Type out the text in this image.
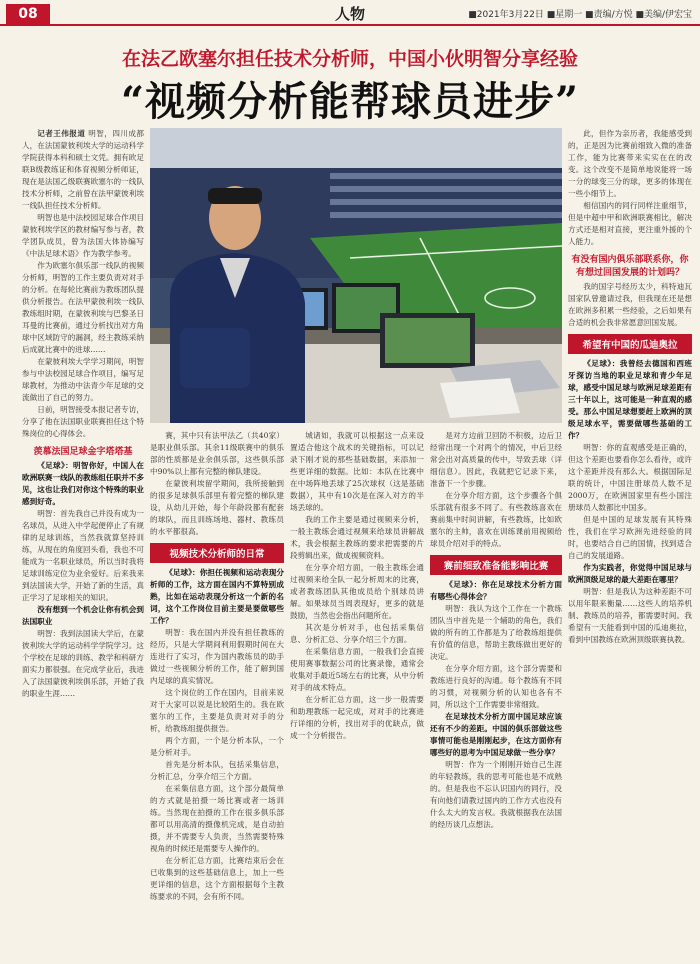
08	人物	■2021年3月22日 ■星期一 ■责编/方悦 ■美编/伊宏宝
在法乙欧塞尔担任技术分析师，中国小伙明智分享经验
“视频分析能帮球员进步”

记者王伟报道 明智，四川成都人，在法国蒙彼利埃大学的运动科学学院获得本科和硕士文凭。拥有欧足联B级教练证和体育视频分析师证，现在是法国乙级联赛欧塞尔的一线队技术分析师，之前曾在法甲蒙彼利埃一线队担任技术分析师。

明智也是中法校园足球合作项目蒙彼利埃学区的教材编写参与者，教学团队成员，曾为法国大体协编写《中法足球术语》作为教学参考。

作为欧塞尔俱乐部一线队的视频分析师，明智的工作主要负责对对手的分析。在每轮比赛前为教练团队提供分析报告。在法甲蒙彼利埃一线队教练组时期，在蒙彼利埃与巴黎圣日耳曼的比赛前，通过分析找出对方角球中区域防守的漏洞，经主教练采纳后成就比赛中的进球……

在蒙彼利埃大学学习期间，明智参与中法校园足球合作项目，编写足球教材，为推动中法青少年足球的交流做出了自己的努力。

日前，明智接受本报记者专访，分享了他在法国职业联赛担任这个特殊岗位的心得体会。

羡慕法国足球金字塔塔基

《足球》：明智你好，中国人在欧洲联赛一线队的教练组任职并不多见，这也让我们对你这个特殊的职业感到好奇。

明智：首先我自己并没有成为一名球员，从进入中学起便停止了有规律的足球训练，当然我就算坚持训练，从现在的角度回头看，我也不可能成为一名职业球员，所以当时我将足球训练定位为业余爱好。后来我来到法国读大学，开始了新的生活，真正学习了足球相关的知识。

没有想到一个机会让你有机会到法国职业

明智：我到法国读大学后，在蒙彼利埃大学的运动科学学院学习。这个学校在足球的训练、教学和科研方面实力都很强。在完成学业后，我进入了法国蒙彼利埃俱乐部，开始了我的职业生涯……

赛，其中只有法甲法乙（共40家）是职业俱乐部。其余11级联赛中的俱乐部的性质都是业余俱乐部，这些俱乐部中90%以上都有完整的梯队建设。

在蒙彼利埃留学期间，我所接触到的很多足球俱乐部里有着完整的梯队建设，从幼儿开始，每个年龄段都有配套的球队，而且训练场地、器材、教练员的水平都很高。

视频技术分析师的日常

《足球》：你担任视频和运动表现分析师的工作，这方面在国内不算特别成熟，比如在运动表现分析这一个新的名词，这个工作岗位目前主要是要做哪些工作？

明智：我在国内并没有担任教练的经历，只是大学期间利用假期时间在大连进行了实习，作为国内教练员的助手做过一些视频分析的工作，能了解到国内足球的真实情况。

这个岗位的工作在国内，目前来说对于大家可以说是比较陌生的。我在欧塞尔的工作，主要是负责对对手的分析，给教练组提供报告。

两个方面，一个是分析本队，一个是分析对手。

首先是分析本队，包括采集信息，分析汇总，分享介绍三个方面。

在采集信息方面，这个部分最简单的方式就是拍摄一场比赛或者一场训练。当然现在拍摄的工作在很多俱乐部都可以用高清的摄像机完成，是自动拍摄，并不需要专人负责，当然需要特殊视角的时候还是需要专人操作的。

在分析汇总方面，比赛结束后会在已收集到的这些基础信息上，加上一些更详细的信息，这个方面根据每个主教练要求的不同，会有所不同。

城诸如，我就可以根据这一点来设置适合他这个战术的关键指标，可以记录下刚才说的那些基础数据，来添加一些更详细的数据。比如：本队在比赛中在中场阵地丢球了25次球权（这是基础数据），其中有10次是在深入对方的半场丢球的。

我的工作主要是通过视频来分析，一般主教练会通过视频来给球员讲解战术，我会根据主教练的要求把需要的片段剪辑出来，做成视频资料。

在分享介绍方面，一般主教练会通过视频来给全队一起分析周末的比赛，或者教练团队其他成员给个别球员讲解。如果球员当周表现好，更多的就是鼓励，当然也会指出问题所在。

其次是分析对手，也包括采集信息、分析汇总、分享介绍三个方面。

在采集信息方面，一般我们会直接使用赛事数据公司的比赛录像，通常会收集对手最近5场左右的比赛，从中分析对手的战术特点。

在分析汇总方面，这一步一般需要和助理教练一起完成，对对手的比赛进行详细的分析，找出对手的优缺点，做成一个分析报告。

是对方边前卫回防不积极，边后卫经常出现一个对两个的情况，中后卫经常会出对高质量的传中，导致丢球（详细信息）。因此，我就把它记录下来，准备下一个步骤。

在分享介绍方面，这个步骤各个俱乐部就有很多不同了。有些教练喜欢在赛前集中时间讲解，有些教练，比如欧塞尔的主帅，喜欢在训练课前用视频给球员介绍对手的特点。

赛前细致准备能影响比赛

《足球》：你在足球技术分析方面有哪些心得体会？

明智：我认为这个工作在一个教练团队当中首先是一个辅助的角色，我们做的所有的工作都是为了给教练组提供有价值的信息，帮助主教练做出更好的决定。

在分享介绍方面，这个部分需要和教练进行良好的沟通。每个教练有不同的习惯，对视频分析的认知也各有不同，所以这个工作需要非常细致。

在足球技术分析方面中国足球应该还有不少的差距。中国的俱乐部做这些事情可能也是刚刚起步，在这方面你有哪些好的思考为中国足球做一些分享？

明智：作为一个刚刚开始自己生涯的年轻教练，我的思考可能也是不成熟的。但是我也不忘认识国内的同行，没有向他们请教过国内的工作方式也没有什么太大的发言权。我就根据我在法国的经历谈几点想法。

此，但作为亲历者，我能感受到的，正是因为比赛前细致入微的准备工作，能为比赛带来实实在在的改变。这个改变不是简单地说能将一场一分的球变三分的球，更多的体现在一些小细节上。

相信国内的同行同样注重细节，但是中超中甲和欧洲联赛相比，解决方式还是相对直接，更注重外援的个人能力。

有没有国内俱乐部联系你，你有想过回国发展的计划吗？

我的国字号经历太少，科特迪瓦国家队曾邀请过我，但我现在还是想在欧洲多积累一些经验，之后如果有合适的机会我非常愿意回国发展。

希望有中国的瓜迪奥拉

《足球》：我曾经去德国和西班牙探访当地的职业足球和青少年足球，感受中国足球与欧洲足球差距有三十年以上，这可能是一种直观的感受。那么中国足球想要赶上欧洲的顶级足球水平，需要做哪些基础的工作？

明智：你的直观感受是正确的，但这个差距也要看你怎么看待，或许这个差距并没有那么大。根据国际足联的统计，中国注册球员人数不足2000万，在欧洲国家里有些小国注册球员人数都比中国多。

但是中国的足球发展有其特殊性，我们在学习欧洲先进经验的同时，也要结合自己的国情，找到适合自己的发展道路。

作为实践者，你觉得中国足球与欧洲顶级足球的最大差距在哪里？

明智：但是我认为这种差距不可以用年限来衡量……这些人的培养机制、教练员的培养，都需要时间。我希望有一天能看到中国的瓜迪奥拉，看到中国教练在欧洲顶级联赛执教。
